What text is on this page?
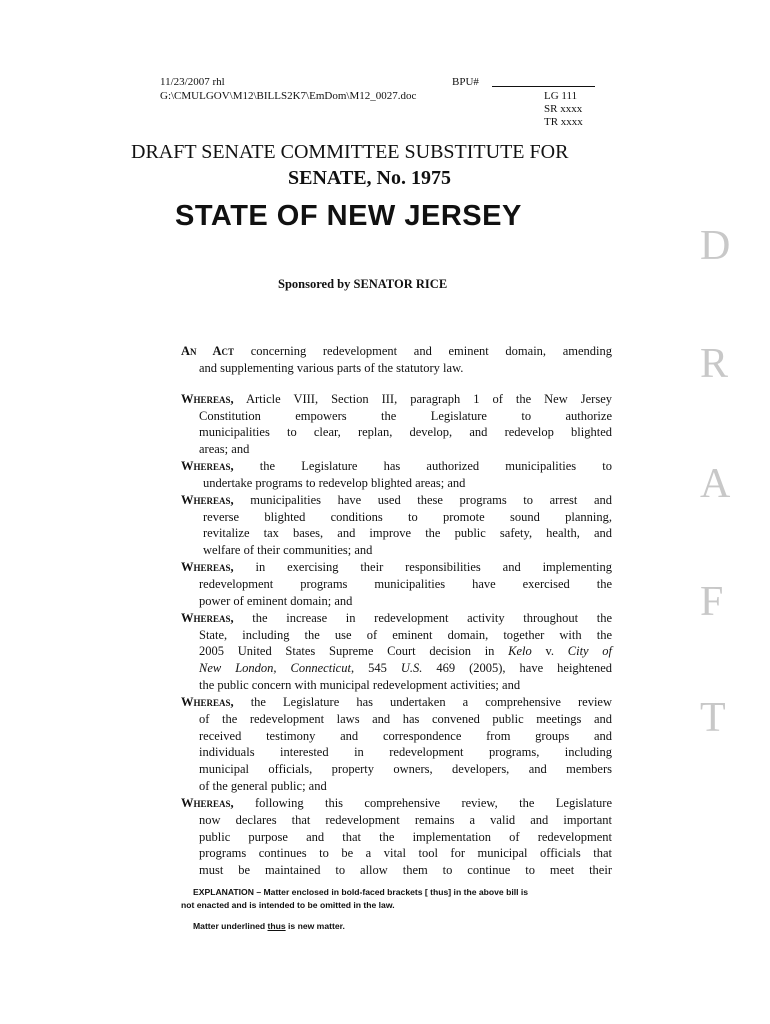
11/23/2007 rhl
G:\CMULGOV\M12\BILLS2K7\EmDom\M12_0027.doc
BPU#
LG 111
SR xxxx
TR xxxx
DRAFT SENATE COMMITTEE SUBSTITUTE FOR
SENATE, No. 1975
STATE OF NEW JERSEY
Sponsored by SENATOR RICE
D
R
A
F
T
An Act concerning redevelopment and eminent domain, amending
and supplementing various parts of the statutory law.
Whereas, Article VIII, Section III, paragraph 1 of the New Jersey
Constitution empowers the Legislature to authorize
municipalities to clear, replan, develop, and redevelop blighted
areas; and
Whereas, the Legislature has authorized municipalities to
undertake programs to redevelop blighted areas; and
Whereas, municipalities have used these programs to arrest and
reverse blighted conditions to promote sound planning,
revitalize tax bases, and improve the public safety, health, and
welfare of their communities; and
Whereas, in exercising their responsibilities and implementing
redevelopment programs municipalities have exercised the
power of eminent domain; and
Whereas, the increase in redevelopment activity throughout the
State, including the use of eminent domain, together with the
2005 United States Supreme Court decision in Kelo v. City of
New London, Connecticut, 545 U.S. 469 (2005), have heightened
the public concern with municipal redevelopment activities; and
Whereas, the Legislature has undertaken a comprehensive review
of the redevelopment laws and has convened public meetings and
received testimony and correspondence from groups and
individuals interested in redevelopment programs, including
municipal officials, property owners, developers, and members
of the general public; and
Whereas, following this comprehensive review, the Legislature
now declares that redevelopment remains a valid and important
public purpose and that the implementation of redevelopment
programs continues to be a vital tool for municipal officials that
must be maintained to allow them to continue to meet their
EXPLANATION – Matter enclosed in bold-faced brackets [ thus] in the above bill is
not enacted and is intended to be omitted in the law.
Matter underlined thus is new matter.
